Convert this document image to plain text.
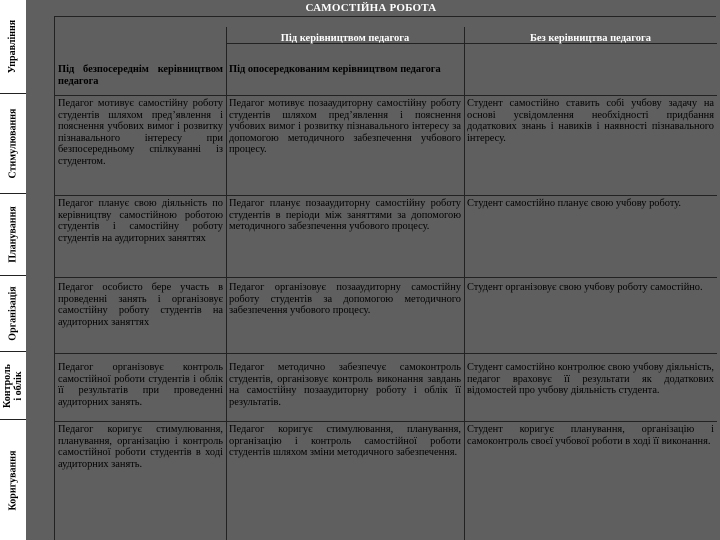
САМОСТІЙНА РОБОТА
Управління
Стимулювання
Планування
Організація
Контроль і облік
Коригування
Під керівництвом педагога	Без керівництва педагога
Під безпосереднім керівництвом педагога
Під опосередкованим керівництвом педагога
Педагог мотивує самостійну роботу студентів шляхом пред’явлення і пояснення учбових вимог і розвитку пізнавального інтересу при безпосередньому спілкуванні із студентом.
Педагог мотивує позааудиторну самостійну роботу студентів шляхом пред’явлення і пояснення учбових вимог і розвитку пізнавального інтересу за допомогою методичного забезпечення учбового процесу.
Студент самостійно ставить собі учбову задачу на основі усвідомлення необхідності придбання додаткових знань і навиків і наявності пізнавального інтересу.
Педагог планує свою діяльність по керівництву самостійною роботою студентів і самостійну роботу студентів на аудиторних заняттях
Педагог планує позааудиторну самостійну роботу студентів в періоди між заняттями за допомогою методичного забезпечення учбового процесу.
Студент самостійно планує свою учбову роботу.
Педагог особисто бере участь в проведенні занять і організовує самостійну роботу студентів на аудиторних заняттях
Педагог організовує позааудиторну самостійну роботу студентів за допомогою методичного забезпечення учбового процесу.
Студент організовує свою учбову роботу самостійно.
Педагог організовує контроль самостійної роботи студентів і облік її результатів при проведенні аудиторних занять.
Педагог методично забезпечує самоконтроль студентів, організовує контроль виконання завдань на самостійну позааудиторну роботу і облік її результатів.
Студент самостійно контролює свою учбову діяльність, педагог враховує її результати як додаткових відомостей про учбову діяльність студента.
Педагог коригує стимулювання, планування, організацію і контроль самостійної роботи студентів в ході аудиторних занять.
Педагог коригує стимулювання, планування, організацію і контроль самостійної роботи студентів шляхом зміни методичного забезпечення.
Студент коригує планування, організацію і самоконтроль своєї учбової роботи в ході її виконання.
